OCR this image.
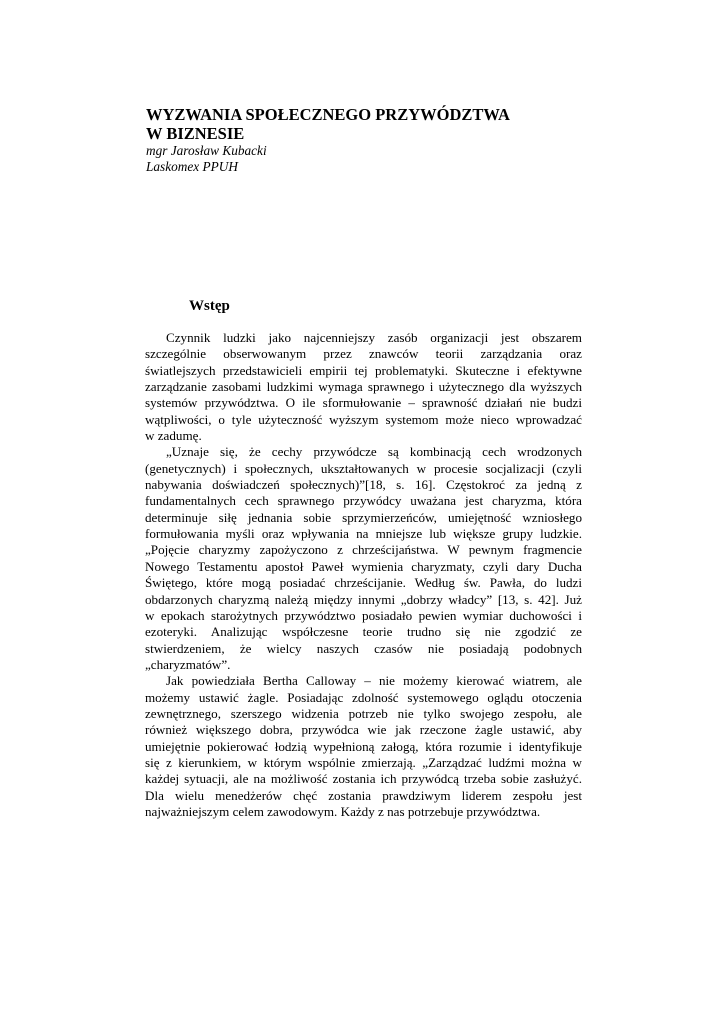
WYZWANIA SPOŁECZNEGO PRZYWÓDZTWA

W BIZNESIE

mgr Jarosław Kubacki

Laskomex PPUH

Wstęp
Czynnik ludzki jako najcenniejszy zasób organizacji jest obszarem
szczególnie obserwowanym przez znawców teorii zarządzania oraz
światlejszych przedstawicieli empirii tej problematyki. Skuteczne i efektywne
zarządzanie zasobami ludzkimi wymaga sprawnego i użytecznego dla wyższych
systemów przywództwa. O ile sformułowanie – sprawność działań nie budzi
wątpliwości, o tyle użyteczność wyższym systemom może nieco wprowadzać
w zadumę.
„Uznaje się, że cechy przywódcze są kombinacją cech wrodzonych
(genetycznych) i społecznych, ukształtowanych w procesie socjalizacji (czyli
nabywania doświadczeń społecznych)”[18, s. 16]. Częstokroć za jedną z
fundamentalnych cech sprawnego przywódcy uważana jest charyzma, która
determinuje siłę jednania sobie sprzymierzeńców, umiejętność wzniosłego
formułowania myśli oraz wpływania na mniejsze lub większe grupy ludzkie.
„Pojęcie charyzmy zapożyczono z chrześcijaństwa. W pewnym fragmencie
Nowego Testamentu apostoł Paweł wymienia charyzmaty, czyli dary Ducha
Świętego, które mogą posiadać chrześcijanie. Według św. Pawła, do ludzi
obdarzonych charyzmą należą między innymi „dobrzy władcy” [13, s. 42]. Już
w epokach starożytnych przywództwo posiadało pewien wymiar duchowości i
ezoteryki. Analizując współczesne teorie trudno się nie zgodzić ze
stwierdzeniem, że wielcy naszych czasów nie posiadają podobnych
„charyzmatów”.
Jak powiedziała Bertha Calloway – nie możemy kierować wiatrem, ale
możemy ustawić żagle. Posiadając zdolność systemowego oglądu otoczenia
zewnętrznego, szerszego widzenia potrzeb nie tylko swojego zespołu, ale
również większego dobra, przywódca wie jak rzeczone żagle ustawić, aby
umiejętnie pokierować łodzią wypełnioną załogą, która rozumie i identyfikuje
się z kierunkiem, w którym wspólnie zmierzają. „Zarządzać ludźmi można w
każdej sytuacji, ale na możliwość zostania ich przywódcą trzeba sobie zasłużyć.
Dla wielu menedżerów chęć zostania prawdziwym liderem zespołu jest
najważniejszym celem zawodowym. Każdy z nas potrzebuje przywództwa.
